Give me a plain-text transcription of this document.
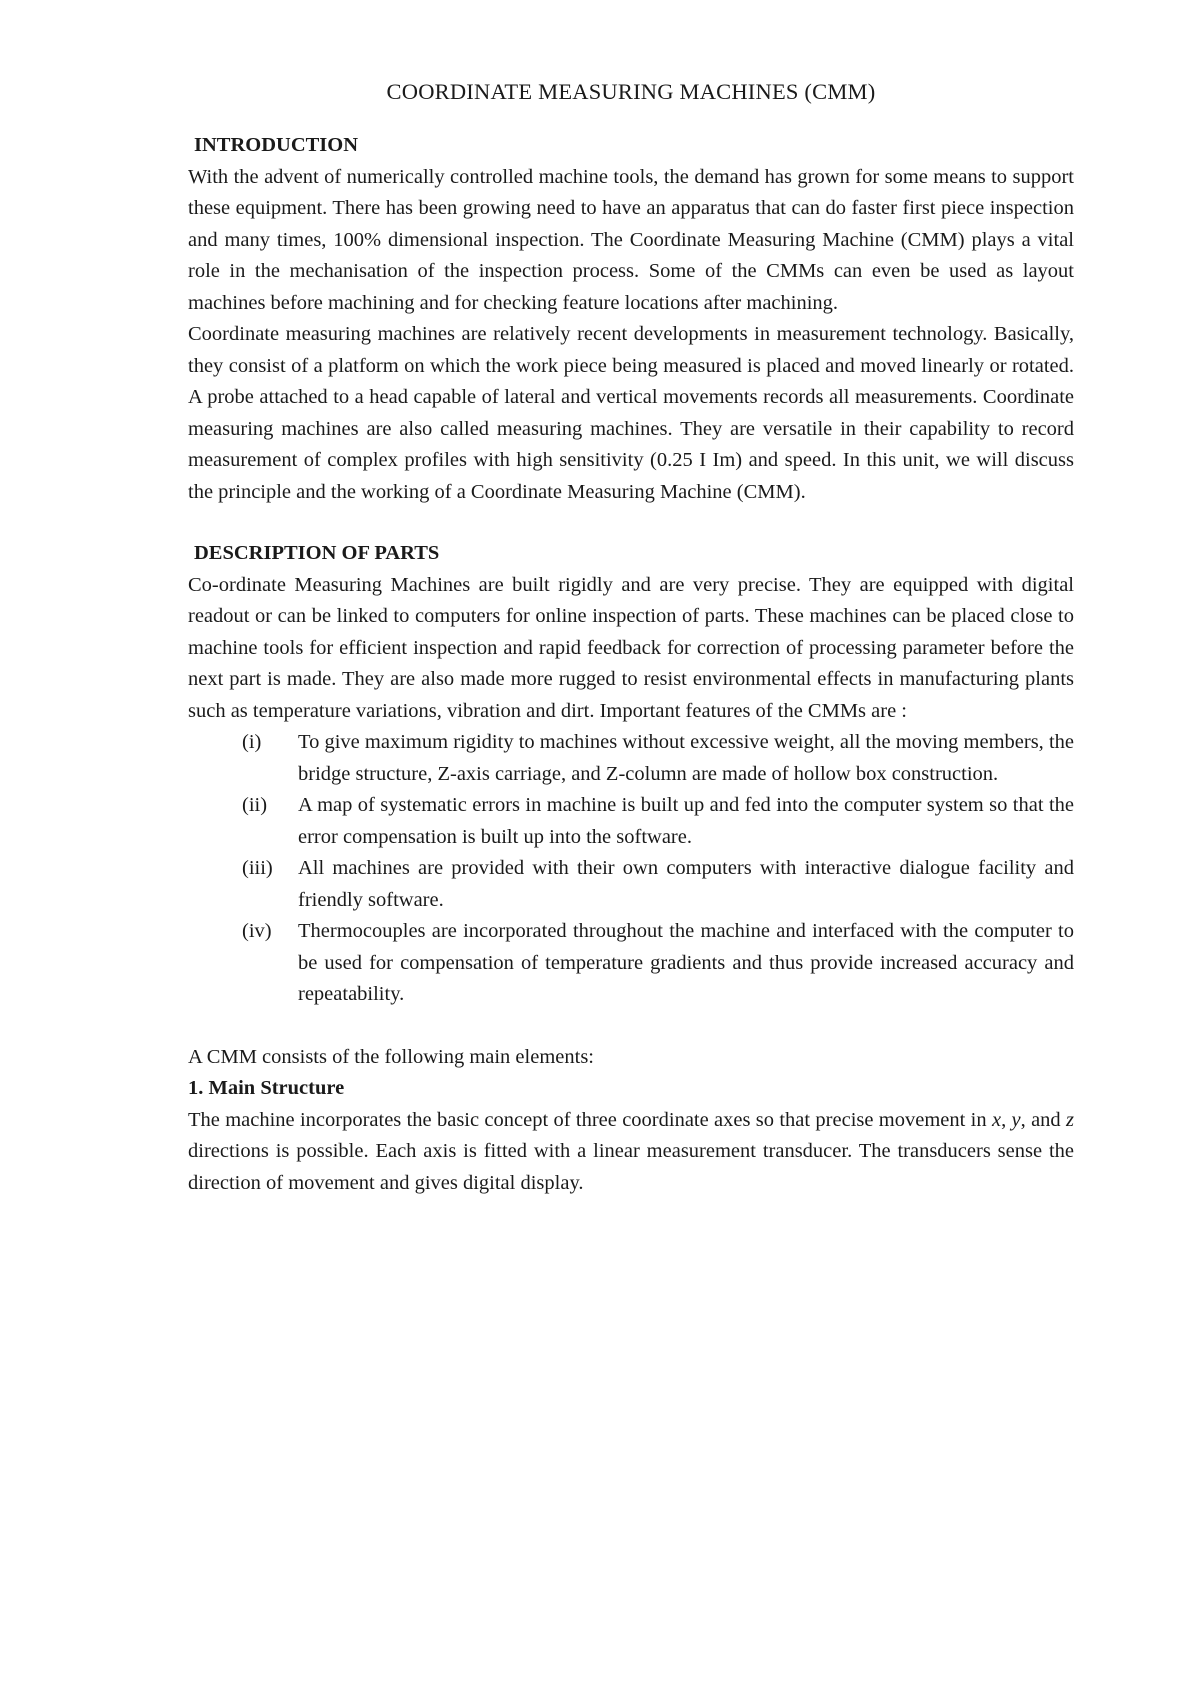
COORDINATE MEASURING MACHINES (CMM)
INTRODUCTION

With the advent of numerically controlled machine tools, the demand has grown for some means to support these equipment. There has been growing need to have an apparatus that can do faster first piece inspection and many times, 100% dimensional inspection. The Coordinate Measuring Machine (CMM) plays a vital role in the mechanisation of the inspection process. Some of the CMMs can even be used as layout machines before machining and for checking feature locations after machining.

Coordinate measuring machines are relatively recent developments in measurement technology. Basically, they consist of a platform on which the work piece being measured is placed and moved linearly or rotated. A probe attached to a head capable of lateral and vertical movements records all measurements. Coordinate measuring machines are also called measuring machines. They are versatile in their capability to record measurement of complex profiles with high sensitivity (0.25 I Im) and speed. In this unit, we will discuss the principle and the working of a Coordinate Measuring Machine (CMM).

DESCRIPTION OF PARTS

Co-ordinate Measuring Machines are built rigidly and are very precise. They are equipped with digital readout or can be linked to computers for online inspection of parts. These machines can be placed close to machine tools for efficient inspection and rapid feedback for correction of processing parameter before the next part is made. They are also made more rugged to resist environmental effects in manufacturing plants such as temperature variations, vibration and dirt. Important features of the CMMs are :

(i)	To give maximum rigidity to machines without excessive weight, all the moving members, the bridge structure, Z-axis carriage, and Z-column are made of hollow box construction.
(ii)	A map of systematic errors in machine is built up and fed into the computer system so that the error compensation is built up into the software.
(iii)	All machines are provided with their own computers with interactive dialogue facility and friendly software.
(iv)	Thermocouples are incorporated throughout the machine and interfaced with the computer to be used for compensation of temperature gradients and thus provide increased accuracy and repeatability.

A CMM consists of the following main elements:

1. Main Structure

The machine incorporates the basic concept of three coordinate axes so that precise movement in x, y, and z directions is possible. Each axis is fitted with a linear measurement transducer. The transducers sense the direction of movement and gives digital display.
